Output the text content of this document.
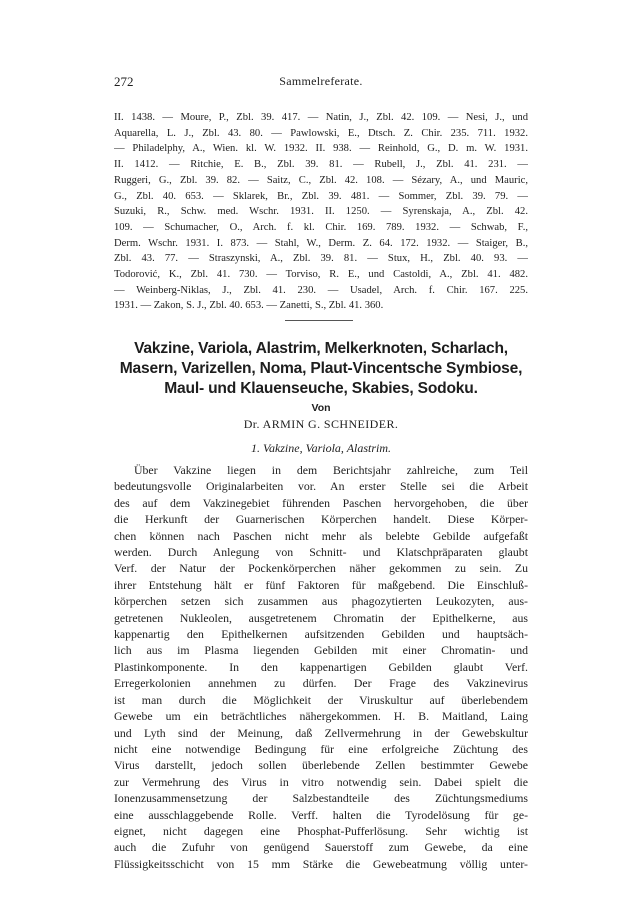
272	Sammelreferate.
II. 1438. — Moure, P., Zbl. 39. 417. — Natin, J., Zbl. 42. 109. — Nesi, J., und
Aquarella, L. J., Zbl. 43. 80. — Pawlowski, E., Dtsch. Z. Chir. 235. 711. 1932.
— Philadelphy, A., Wien. kl. W. 1932. II. 938. — Reinhold, G., D. m. W. 1931.
II. 1412. — Ritchie, E. B., Zbl. 39. 81. — Rubell, J., Zbl. 41. 231. —
Ruggeri, G., Zbl. 39. 82. — Saitz, C., Zbl. 42. 108. — Sézary, A., und Mauric,
G., Zbl. 40. 653. — Sklarek, Br., Zbl. 39. 481. — Sommer, Zbl. 39. 79. —
Suzuki, R., Schw. med. Wschr. 1931. II. 1250. — Syrenskaja, A., Zbl. 42.
109. — Schumacher, O., Arch. f. kl. Chir. 169. 789. 1932. — Schwab, F.,
Derm. Wschr. 1931. I. 873. — Stahl, W., Derm. Z. 64. 172. 1932. — Staiger, B.,
Zbl. 43. 77. — Straszynski, A., Zbl. 39. 81. — Stux, H., Zbl. 40. 93. —
Todorović, K., Zbl. 41. 730. — Torviso, R. E., und Castoldi, A., Zbl. 41. 482.
— Weinberg-Niklas, J., Zbl. 41. 230. — Usadel, Arch. f. Chir. 167. 225.
1931. — Zakon, S. J., Zbl. 40. 653. — Zanetti, S., Zbl. 41. 360.
Vakzine, Variola, Alastrim, Melkerknoten, Scharlach,
Masern, Varizellen, Noma, Plaut-Vincentsche Symbiose,
Maul- und Klauenseuche, Skabies, Sodoku.
Von
Dr. ARMIN G. SCHNEIDER.
1. Vakzine, Variola, Alastrim.
Über Vakzine liegen in dem Berichtsjahr zahlreiche, zum Teil
bedeutungsvolle Originalarbeiten vor. An erster Stelle sei die Arbeit
des auf dem Vakzinegebiet führenden Paschen hervorgehoben, die über
die Herkunft der Guarnerischen Körperchen handelt. Diese Körper-
chen können nach Paschen nicht mehr als belebte Gebilde aufgefaßt
werden. Durch Anlegung von Schnitt- und Klatschpräparaten glaubt
Verf. der Natur der Pockenkörperchen näher gekommen zu sein. Zu
ihrer Entstehung hält er fünf Faktoren für maßgebend. Die Einschluß-
körperchen setzen sich zusammen aus phagozytierten Leukozyten, aus-
getretenen Nukleolen, ausgetretenem Chromatin der Epithelkerne, aus
kappenartig den Epithelkernen aufsitzenden Gebilden und hauptsäch-
lich aus im Plasma liegenden Gebilden mit einer Chromatin- und
Plastinkomponente. In den kappenartigen Gebilden glaubt Verf.
Erregerkolonien annehmen zu dürfen. Der Frage des Vakzinevirus
ist man durch die Möglichkeit der Viruskultur auf überlebendem
Gewebe um ein beträchtliches nähergekommen. H. B. Maitland, Laing
und Lyth sind der Meinung, daß Zellvermehrung in der Gewebskultur
nicht eine notwendige Bedingung für eine erfolgreiche Züchtung des
Virus darstellt, jedoch sollen überlebende Zellen bestimmter Gewebe
zur Vermehrung des Virus in vitro notwendig sein. Dabei spielt die
Ionenzusammensetzung der Salzbestandteile des Züchtungsmediums
eine ausschlaggebende Rolle. Verff. halten die Tyrodelösung für ge-
eignet, nicht dagegen eine Phosphat-Pufferlösung. Sehr wichtig ist
auch die Zufuhr von genügend Sauerstoff zum Gewebe, da eine
Flüssigkeitsschicht von 15 mm Stärke die Gewebeatmung völlig unter-
